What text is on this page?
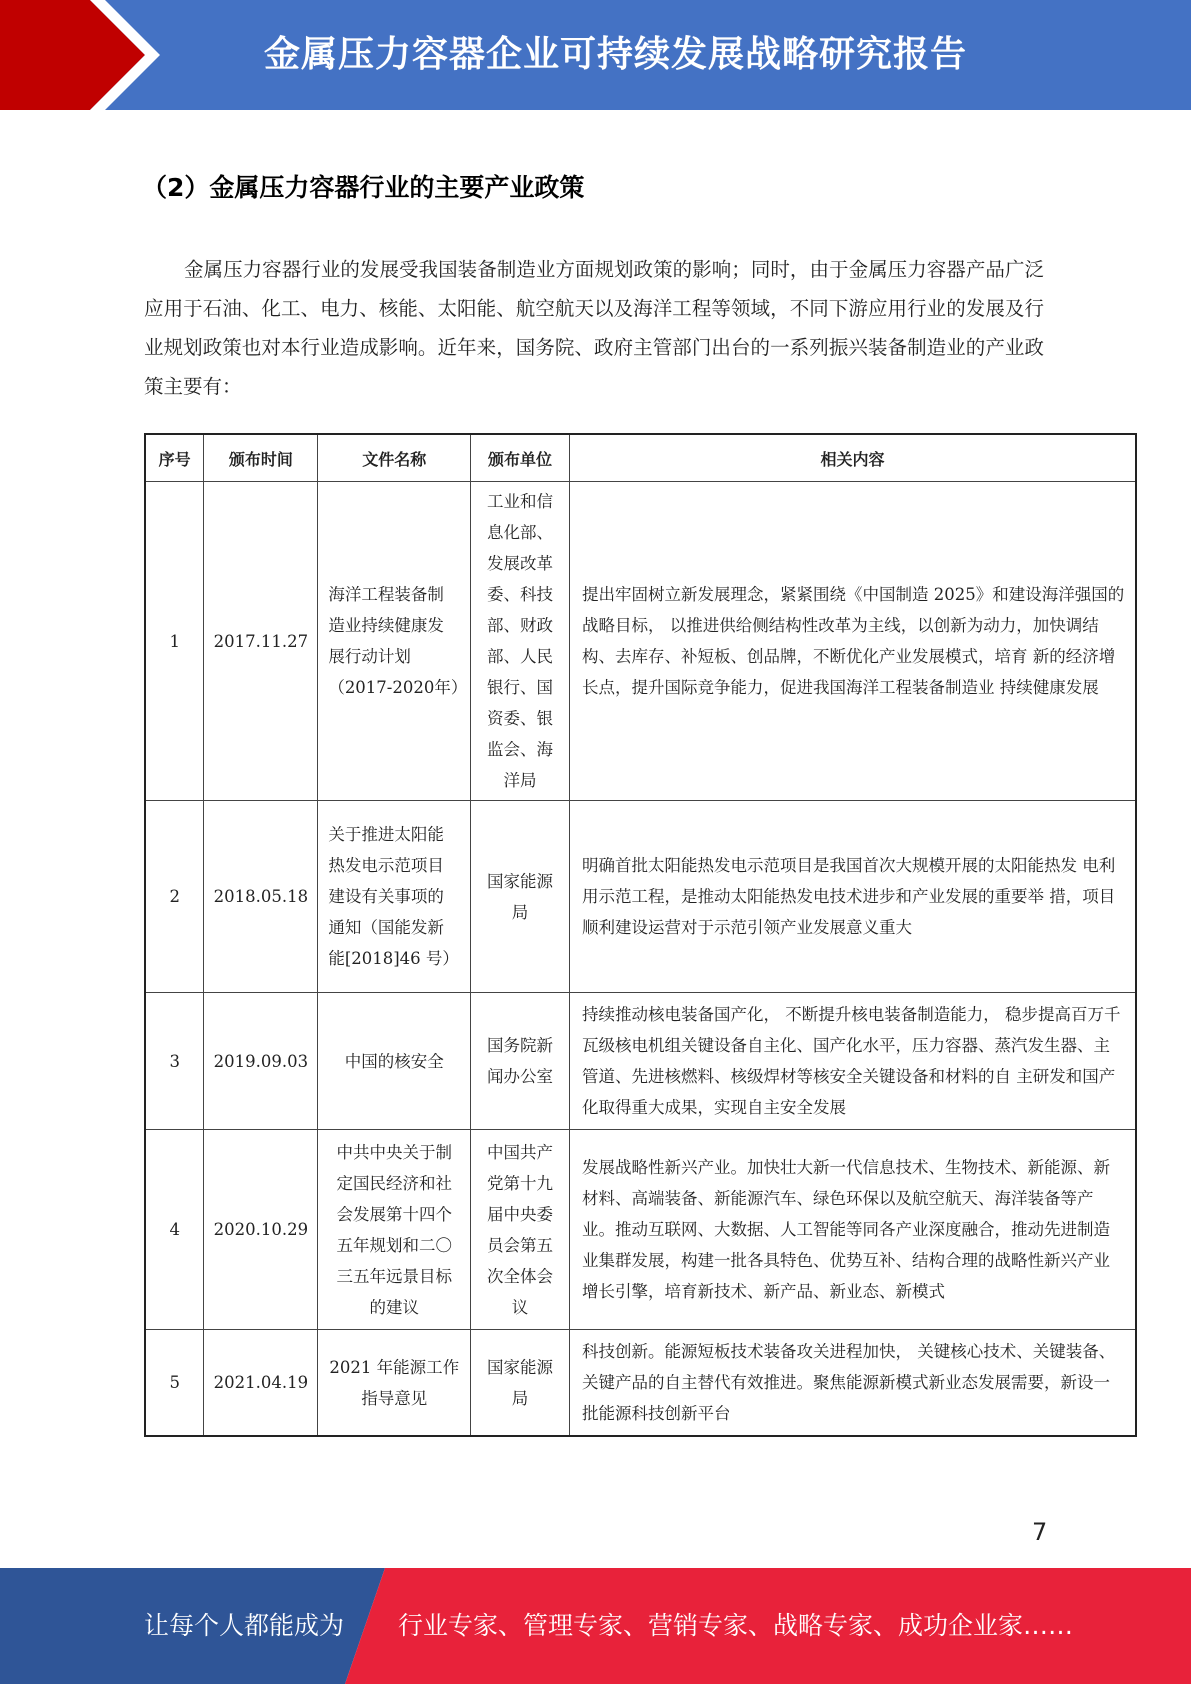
金属压力容器企业可持续发展战略研究报告
（2）金属压力容器行业的主要产业政策

金属压力容器行业的发展受我国装备制造业方面规划政策的影响；同时，由于金属压力容器产品广泛应用于石油、化工、电力、核能、太阳能、航空航天以及海洋工程等领域，不同下游应用行业的发展及行业规划政策也对本行业造成影响。近年来，国务院、政府主管部门出台的一系列振兴装备制造业的产业政策主要有：

序号	颁布时间	文件名称	颁布单位	相关内容
1	2017.11.27	海洋工程装备制造业持续健康发展行动计划（2017-2020年）	工业和信息化部、发展改革委、科技部、财政部、人民银行、国资委、银监会、海洋局	提出牢固树立新发展理念，紧紧围绕《中国制造 2025》和建设海洋强国的战略目标， 以推进供给侧结构性改革为主线，以创新为动力，加快调结构、去库存、补短板、创品牌，不断优化产业发展模式，培育 新的经济增长点，提升国际竞争能力，促进我国海洋工程装备制造业 持续健康发展
2	2018.05.18	关于推进太阳能 热发电示范项目 建设有关事项的 通知（国能发新 能[2018]46 号）	国家能源局	明确首批太阳能热发电示范项目是我国首次大规模开展的太阳能热发 电利用示范工程，是推动太阳能热发电技术进步和产业发展的重要举 措，项目顺利建设运营对于示范引领产业发展意义重大
3	2019.09.03	中国的核安全	国务院新闻办公室	持续推动核电装备国产化， 不断提升核电装备制造能力， 稳步提高百万千瓦级核电机组关键设备自主化、国产化水平，压力容器、蒸汽发生器、主管道、先进核燃料、核级焊材等核安全关键设备和材料的自 主研发和国产化取得重大成果，实现自主安全发展
4	2020.10.29	中共中央关于制定国民经济和社会发展第十四个五年规划和二〇三五年远景目标的建议	中国共产党第十九届中央委员会第五次全体会议	发展战略性新兴产业。加快壮大新一代信息技术、生物技术、新能源、新材料、高端装备、新能源汽车、绿色环保以及航空航天、海洋装备等产业。推动互联网、大数据、人工智能等同各产业深度融合，推动先进制造业集群发展，构建一批各具特色、优势互补、结构合理的战略性新兴产业增长引擎，培育新技术、新产品、新业态、新模式
5	2021.04.19	2021 年能源工作 指导意见	国家能源局	科技创新。能源短板技术装备攻关进程加快， 关键核心技术、关键装备、关键产品的自主替代有效推进。聚焦能源新模式新业态发展需要，新设一批能源科技创新平台
7
让每个人都能成为 行业专家、管理专家、营销专家、战略专家、成功企业家……
